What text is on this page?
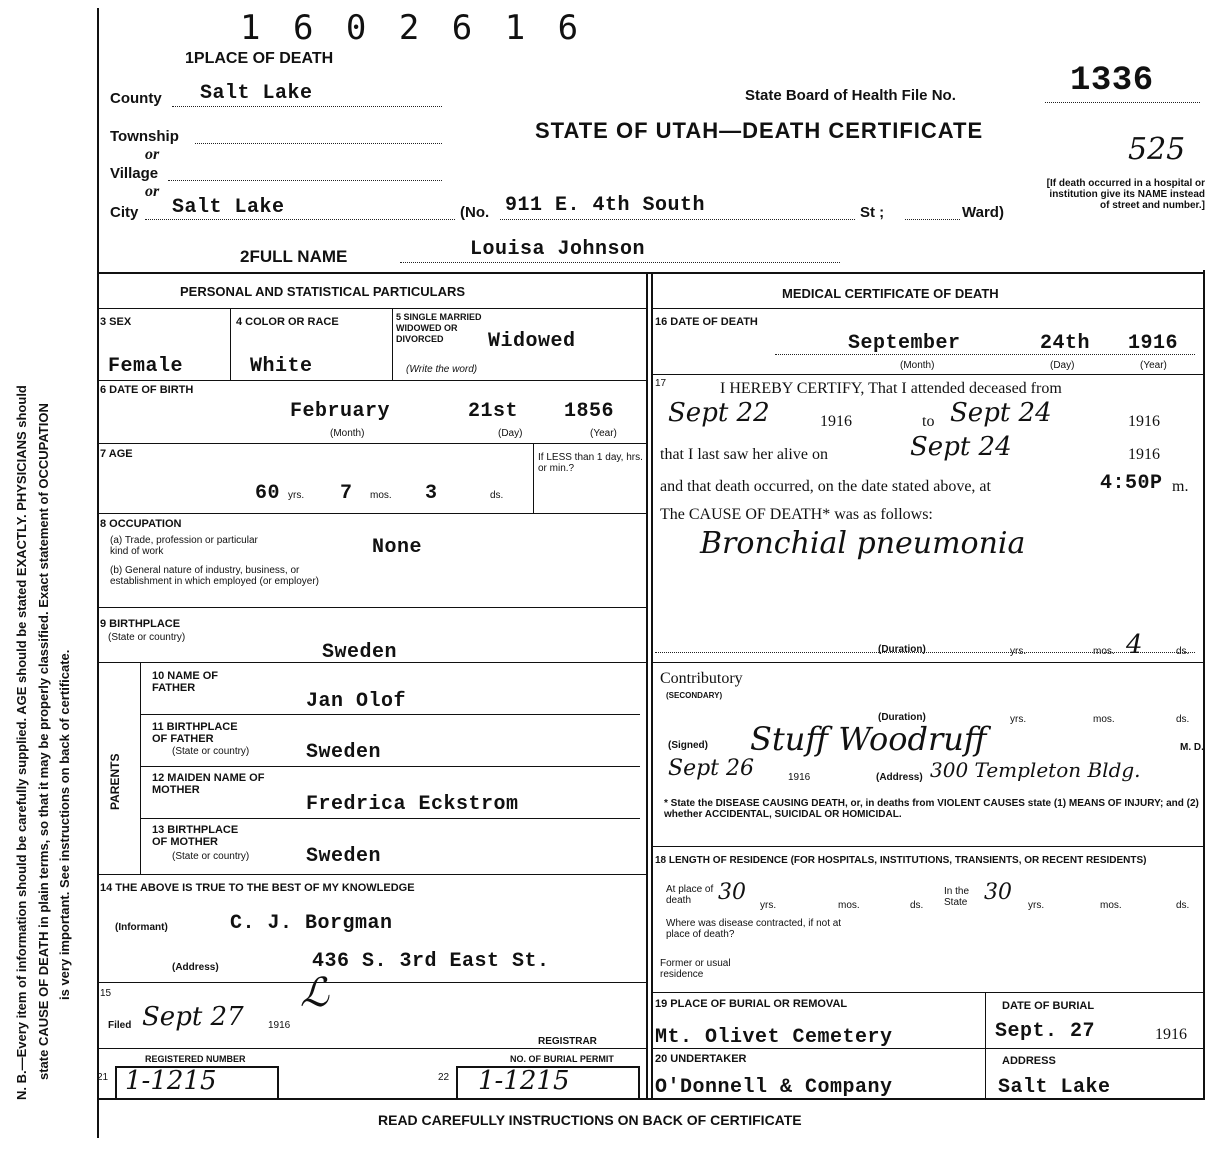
N. B.—Every item of information should be carefully supplied. AGE should be stated EXACTLY. PHYSICIANS should state CAUSE OF DEATH in plain terms, so that it may be properly classified. Exact statement of OCCUPATION is very important. See instructions on back of certificate.
1 6 0 2 6 1 6
1PLACE OF DEATH
County Salt Lake
Township
or
Village
or
City Salt Lake	(No. 911 E. 4th South	St ;	Ward)
State Board of Health File No.	1336
525
STATE OF UTAH—DEATH CERTIFICATE
[If death occurred in a hospital or institution give its NAME instead of street and number.]
2FULL NAME	Louisa Johnson
PERSONAL AND STATISTICAL PARTICULARS	MEDICAL CERTIFICATE OF DEATH
3 SEX
Female
4 COLOR OR RACE
White
5 SINGLE MARRIED WIDOWED OR DIVORCED
(Write the word)
Widowed
6 DATE OF BIRTH
February	21st 1856
(Month)	(Day)	(Year)
7 AGE
60 yrs. 7 mos. 3	ds.
If LESS than 1 day, hrs. or min.?
8 OCCUPATION
(a) Trade, profession or particular kind of work	None
(b) General nature of industry, business, or establishment in which employed (or employer)
9 BIRTHPLACE
(State or country)
Sweden
PARENTS
10 NAME OF FATHER
Jan Olof
11 BIRTHPLACE OF FATHER
(State or country)	Sweden
12 MAIDEN NAME OF MOTHER
Fredrica Eckstrom
13 BIRTHPLACE OF MOTHER
(State or country)	Sweden
14 THE ABOVE IS TRUE TO THE BEST OF MY KNOWLEDGE
(Informant)	C. J. Borgman
(Address)	436 S. 3rd East St.
15
Filed Sept 27 1916
ℒ
REGISTRAR
REGISTERED NUMBER
21 1-1215
NO. OF BURIAL PERMIT
22 1-1215
16 DATE OF DEATH
September	24th 1916
(Month)	(Day)	(Year)
17	I HEREBY CERTIFY, That I attended deceased from
Sept 22	1916	to Sept 24	1916
that I last saw her alive on	Sept 24	1916
and that death occurred, on the date stated above, at	4:50P m.
The CAUSE OF DEATH* was as follows:
Bronchial pneumonia
(Duration)	yrs.	mos. 4	ds.
Contributory
(SECONDARY)
(Duration)	yrs.	mos.	ds.
(Signed) Stuff Woodruff	M. D.
Sept 26	1916	(Address) 300 Templeton Bldg.
* State the DISEASE CAUSING DEATH, or, in deaths from VIOLENT CAUSES state (1) MEANS OF INJURY; and (2) whether ACCIDENTAL, SUICIDAL OR HOMICIDAL.
18 LENGTH OF RESIDENCE (FOR HOSPITALS, INSTITUTIONS, TRANSIENTS, OR RECENT RESIDENTS)
At place of death	30
yrs.	mos.	ds.
In the State 30
yrs.	mos.	ds.
Where was disease contracted, if not at place of death?
Former or usual residence
19 PLACE OF BURIAL OR REMOVAL
Mt. Olivet Cemetery
DATE OF BURIAL
Sept. 27	1916
20 UNDERTAKER
O'Donnell & Company
ADDRESS
Salt Lake
READ CAREFULLY INSTRUCTIONS ON BACK OF CERTIFICATE
